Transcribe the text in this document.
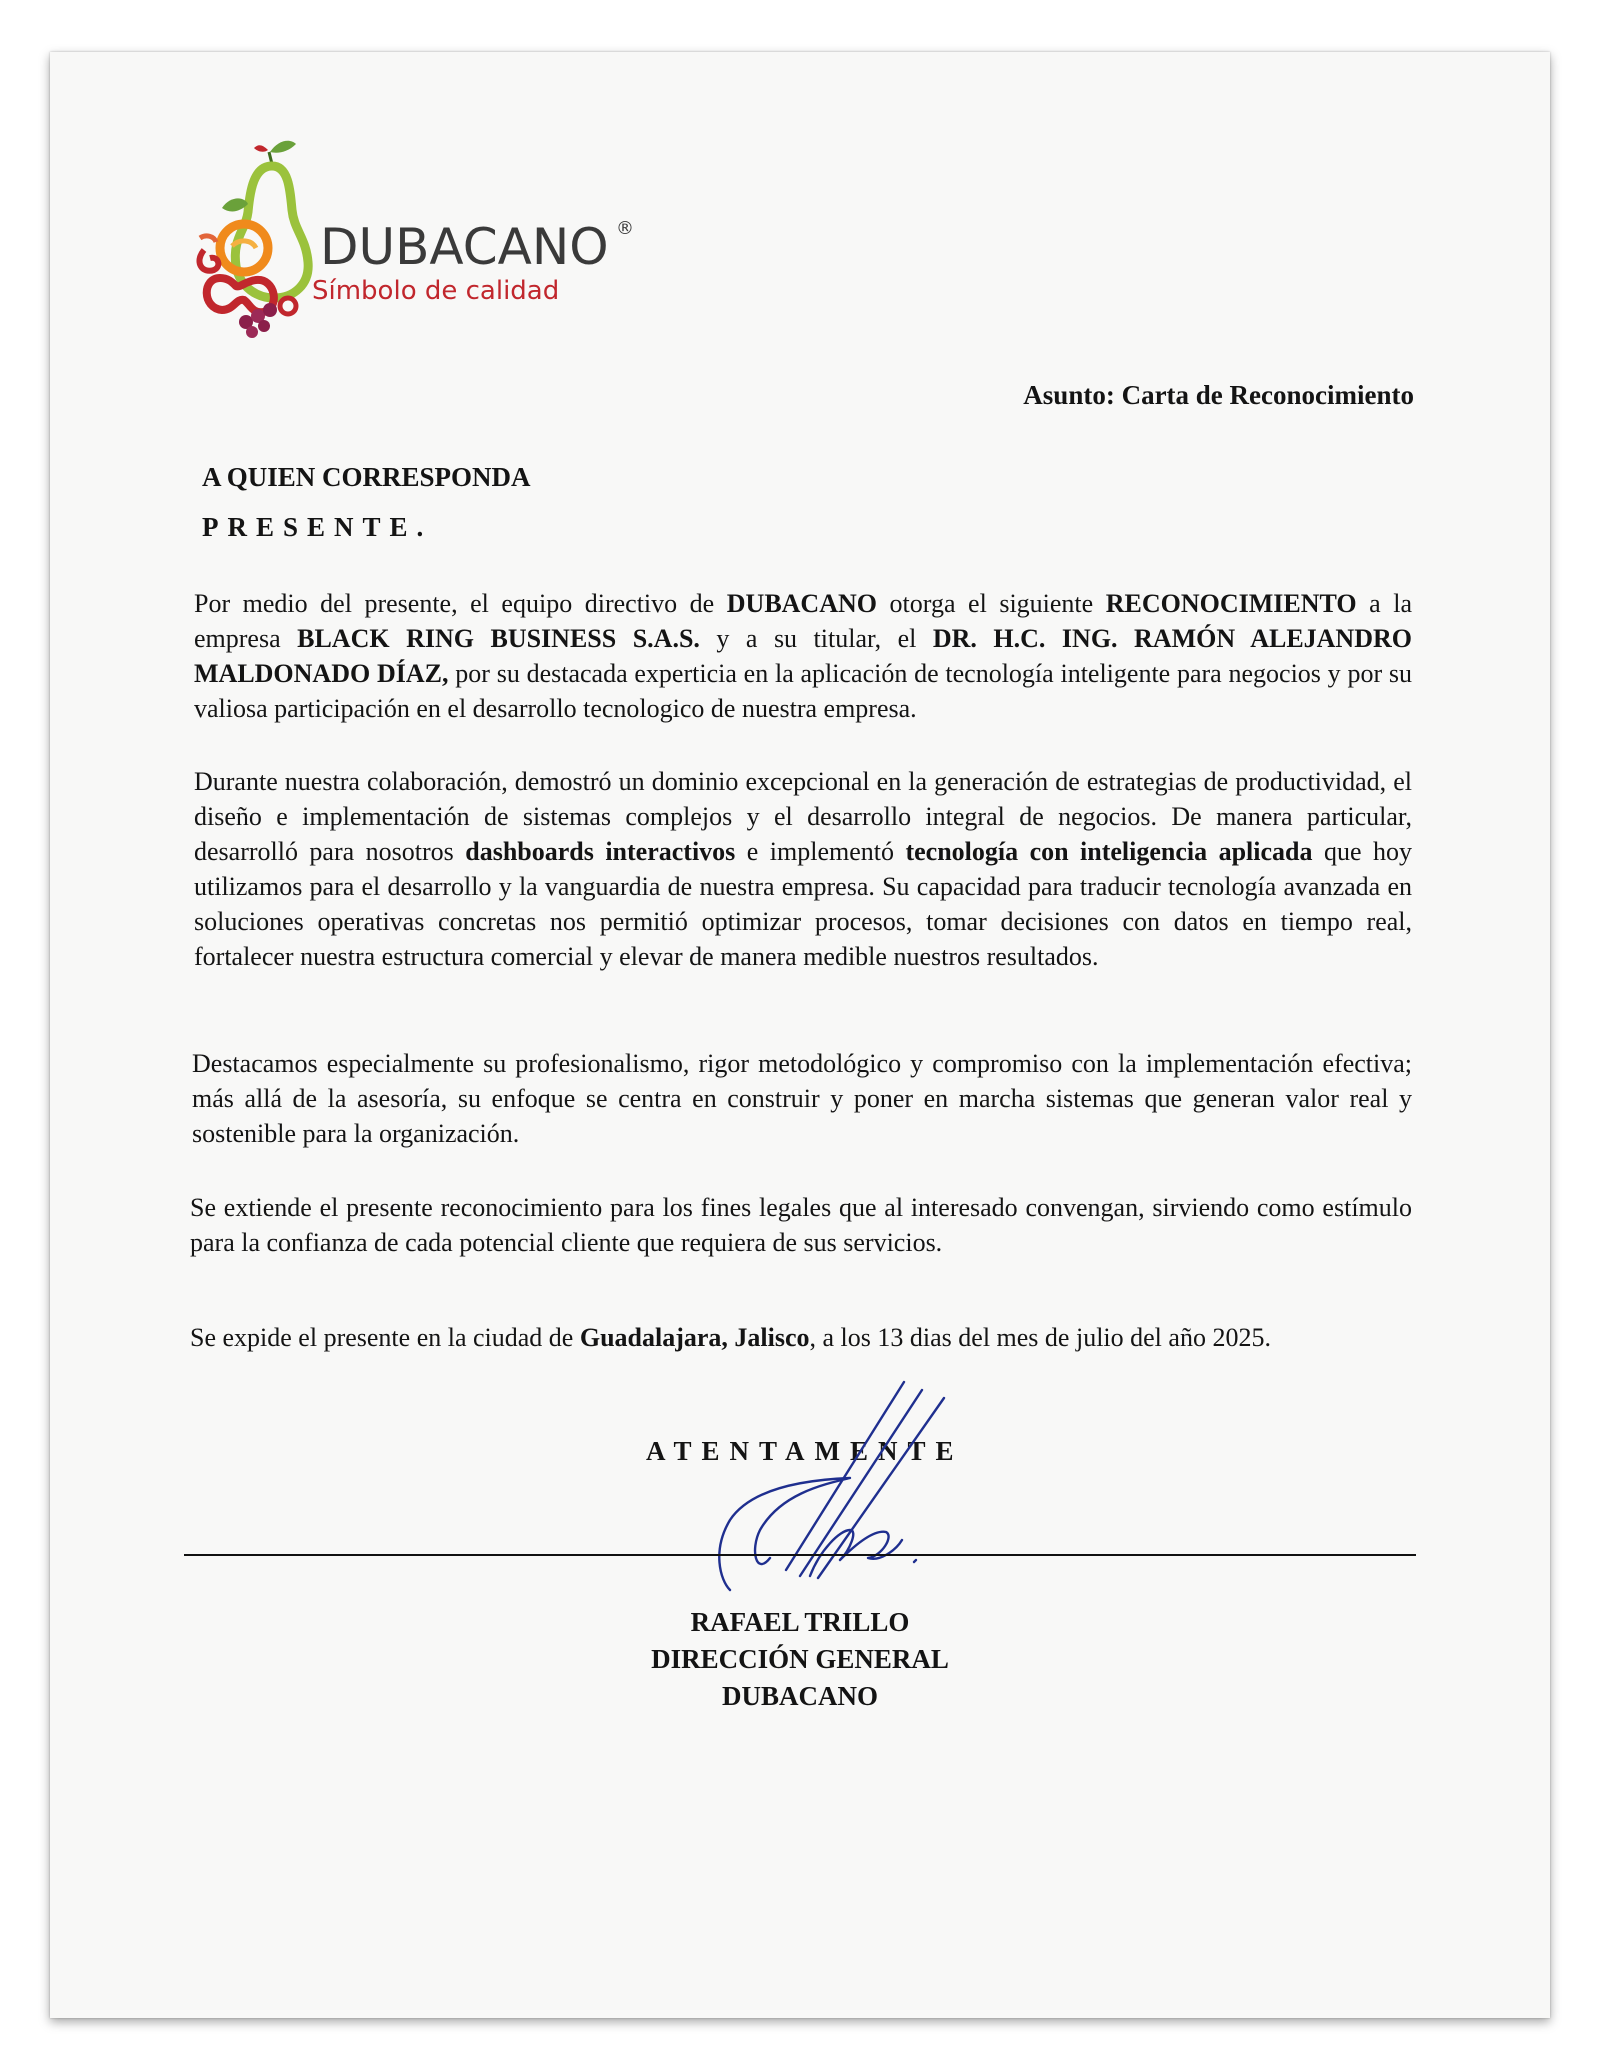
DUBACANO ®
Símbolo de calidad
Asunto: Carta de Reconocimiento
A QUIEN CORRESPONDA
PRESENTE.

Por medio del presente, el equipo directivo de DUBACANO otorga el siguiente RECONOCIMIENTO a la empresa BLACK RING BUSINESS S.A.S. y a su titular, el DR. H.C. ING. RAMÓN ALEJANDRO MALDONADO DÍAZ, por su destacada experticia en la aplicación de tecnología inteligente para negocios y por su valiosa participación en el desarrollo tecnologico de nuestra empresa.

Durante nuestra colaboración, demostró un dominio excepcional en la generación de estrategias de productividad, el diseño e implementación de sistemas complejos y el desarrollo integral de negocios. De manera particular, desarrolló para nosotros dashboards interactivos e implementó tecnología con inteligencia aplicada que hoy utilizamos para el desarrollo y la vanguardia de nuestra empresa. Su capacidad para traducir tecnología avanzada en soluciones operativas concretas nos permitió optimizar procesos, tomar decisiones con datos en tiempo real, fortalecer nuestra estructura comercial y elevar de manera medible nuestros resultados.

Destacamos especialmente su profesionalismo, rigor metodológico y compromiso con la implementación efectiva; más allá de la asesoría, su enfoque se centra en construir y poner en marcha sistemas que generan valor real y sostenible para la organización.

Se extiende el presente reconocimiento para los fines legales que al interesado convengan, sirviendo como estímulo para la confianza de cada potencial cliente que requiera de sus servicios.

Se expide el presente en la ciudad de Guadalajara, Jalisco, a los 13 dias del mes de julio del año 2025.

ATENTAMENTE
RAFAEL TRILLO
DIRECCIÓN GENERAL
DUBACANO
